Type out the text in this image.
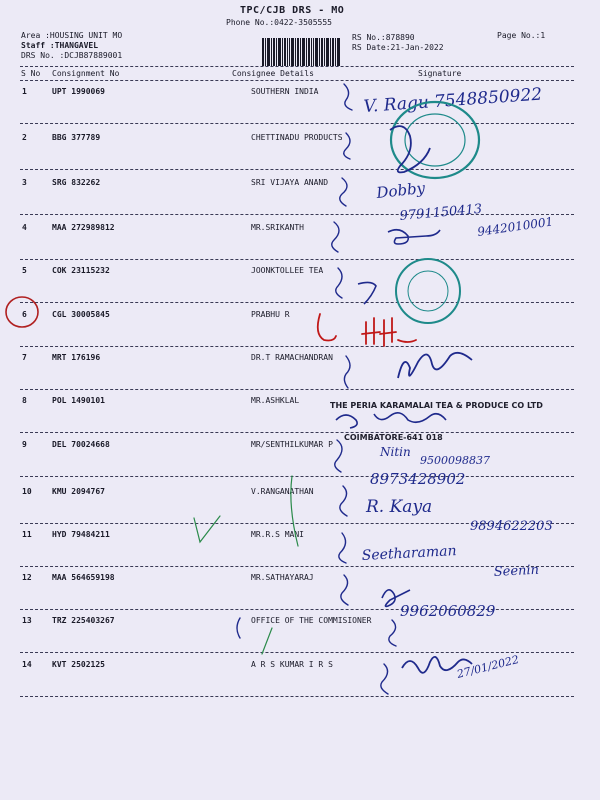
TPC/CJB DRS - MO
Phone No.:0422-3505555
Area :HOUSING UNIT MO
Staff :THANGAVEL
DRS No. :DCJB87889001
RS No.:878890
RS Date:21-Jan-2022
Page No.:1
S No Consignment No	Consignee Details	Signature
1	UPT 1990069	SOUTHERN INDIA
2	BBG 377789	CHETTINADU PRODUCTS
3	SRG 832262	SRI VIJAYA ANAND
4	MAA 272989812	MR.SRIKANTH
5	COK 23115232	JOONKTOLLEE TEA
6	CGL 30005845	PRABHU R
7	MRT 176196	DR.T RAMACHANDRAN
8	POL 1490101	MR.ASHKLAL
9	DEL 70024668	MR/SENTHILKUMAR P
10	KMU 2094767	V.RANGANATHAN
11	HYD 79484211	MR.R.S MANI
12	MAA 564659198	MR.SATHAYARAJ
13	TRZ 225403267	OFFICE OF THE COMMISIONER
14	KVT 2502125	A R S KUMAR I R S
V. Ragu 7548850922
Dobby
9791150413
9442010001
THE PERIA KARAMALAI TEA & PRODUCE CO LTD
COIMBATORE-641 018
Nitin
9500098837
8973428902
R. Kaya
9894622203
Seetharaman
Seenin
9962060829
27/01/2022
